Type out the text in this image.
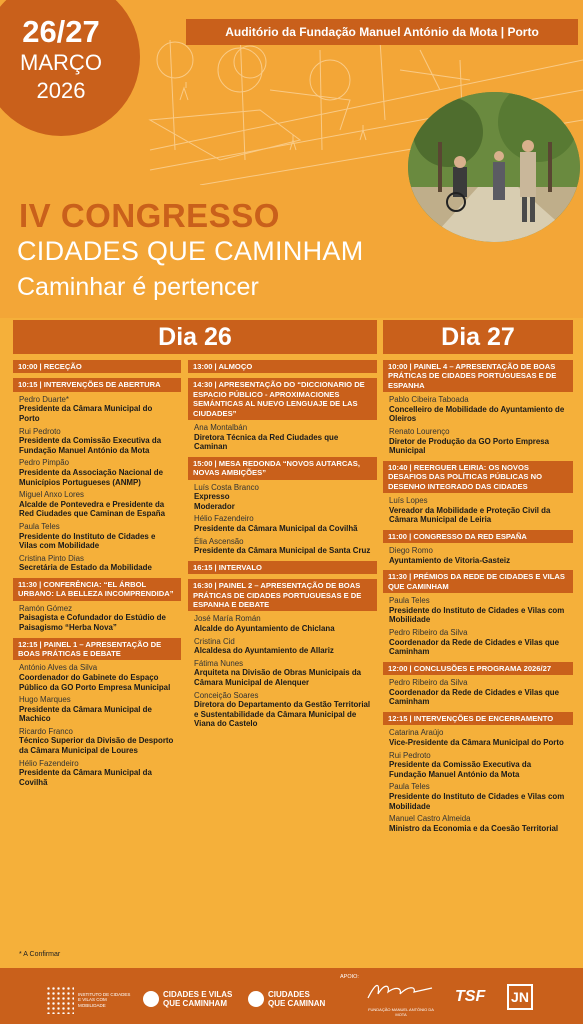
26/27
MARÇO
2026
Auditório da Fundação Manuel António da Mota | Porto
IV CONGRESSO
CIDADES QUE CAMINHAM
Caminhar é pertencer
Dia 26	Dia 27
10:00 | RECEÇÃO
10:15 | INTERVENÇÕES DE ABERTURA
Pedro Duarte*
Presidente da Câmara Municipal do Porto
Rui Pedroto
Presidente da Comissão Executiva da Fundação Manuel António da Mota
Pedro Pimpão
Presidente da Associação Nacional de Municípios Portugueses (ANMP)
Miguel Anxo Lores
Alcalde de Pontevedra e Presidente da Red Ciudades que Caminan de España
Paula Teles
Presidente do Instituto de Cidades e Vilas com Mobilidade
Cristina Pinto Dias
Secretária de Estado da Mobilidade
11:30 | CONFERÊNCIA: “EL ÁRBOL URBANO: LA BELLEZA INCOMPRENDIDA”
Ramón Gómez
Paisagista e Cofundador do Estúdio de Paisagismo “Herba Nova”
12:15 | PAINEL 1 – APRESENTAÇÃO DE BOAS PRÁTICAS E DEBATE
António Alves da Silva
Coordenador do Gabinete do Espaço Público da GO Porto Empresa Municipal
Hugo Marques
Presidente da Câmara Municipal de Machico
Ricardo Franco
Técnico Superior da Divisão de Desporto da Câmara Municipal de Loures
Hélio Fazendeiro
Presidente da Câmara Municipal da Covilhã
13:00 | ALMOÇO
14:30 | APRESENTAÇÃO DO “DICCIONARIO DE ESPACIO PÚBLICO - APROXIMACIONES SEMÁNTICAS AL NUEVO LENGUAJE DE LAS CIUDADES”
Ana Montalbán
Diretora Técnica da Red Ciudades que Caminan
15:00 | MESA REDONDA “NOVOS AUTARCAS, NOVAS AMBIÇÕES”
Luís Costa Branco
Expresso
Moderador
Hélio Fazendeiro
Presidente da Câmara Municipal da Covilhã
Élia Ascensão
Presidente da Câmara Municipal de Santa Cruz
16:15 | INTERVALO
16:30 | PAINEL 2 – APRESENTAÇÃO DE BOAS PRÁTICAS DE CIDADES PORTUGUESAS E DE ESPANHA E DEBATE
José María Román
Alcalde do Ayuntamiento de Chiclana
Cristina Cid
Alcaldesa do Ayuntamiento de Allariz
Fátima Nunes
Arquiteta na Divisão de Obras Municipais da Câmara Municipal de Alenquer
Conceição Soares
Diretora do Departamento da Gestão Territorial e Sustentabilidade da Câmara Municipal de Viana do Castelo
10:00 | PAINEL 4 – APRESENTAÇÃO DE BOAS PRÁTICAS DE CIDADES PORTUGUESAS E DE ESPANHA
Pablo Cibeira Taboada
Concelleiro de Mobilidade do Ayuntamiento de Oleiros
Renato Lourenço
Diretor de Produção da GO Porto Empresa Municipal
10:40 | REERGUER LEIRIA: OS NOVOS DESAFIOS DAS POLÍTICAS PÚBLICAS NO DESENHO INTEGRADO DAS CIDADES
Luís Lopes
Vereador da Mobilidade e Proteção Civil da Câmara Municipal de Leiria
11:00 | CONGRESSO DA RED ESPAÑA
Diego Romo
Ayuntamiento de Vitoria-Gasteiz
11:30 | PRÉMIOS DA REDE DE CIDADES E VILAS QUE CAMINHAM
Paula Teles
Presidente do Instituto de Cidades e Vilas com Mobilidade
Pedro Ribeiro da Silva
Coordenador da Rede de Cidades e Vilas que Caminham
12:00 | CONCLUSÕES E PROGRAMA 2026/27
Pedro Ribeiro da Silva
Coordenador da Rede de Cidades e Vilas que Caminham
12:15 | INTERVENÇÕES DE ENCERRAMENTO
Catarina Araújo
Vice-Presidente da Câmara Municipal do Porto
Rui Pedroto
Presidente da Comissão Executiva da Fundação Manuel António da Mota
Paula Teles
Presidente do Instituto de Cidades e Vilas com Mobilidade
Manuel Castro Almeida
Ministro da Economia e da Coesão Territorial
* A Confirmar
INSTITUTO DE CIDADES E VILAS COM MOBILIDADE
CIDADES E VILAS
QUE CAMINHAM
CIUDADES
QUE CAMINAN
APOIO:
FUNDAÇÃO MANUEL ANTÓNIO DA MOTA
TSF JN
